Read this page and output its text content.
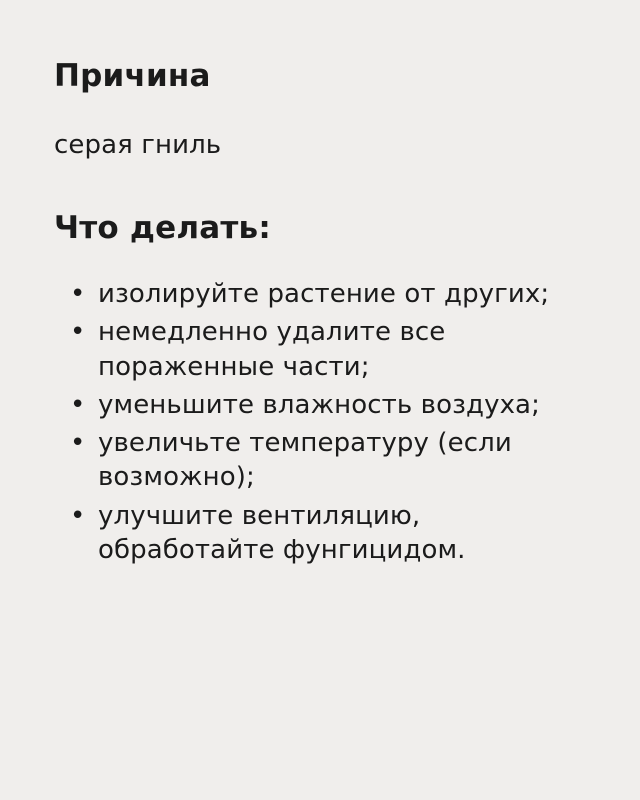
Причина

серая гниль

Что делать:
• изолируйте растение от других;
• немедленно удалите все пораженные части;
• уменьшите влажность воздуха;
• увеличьте температуру (если возможно);
• улучшите вентиляцию, обработайте фунгицидом.
